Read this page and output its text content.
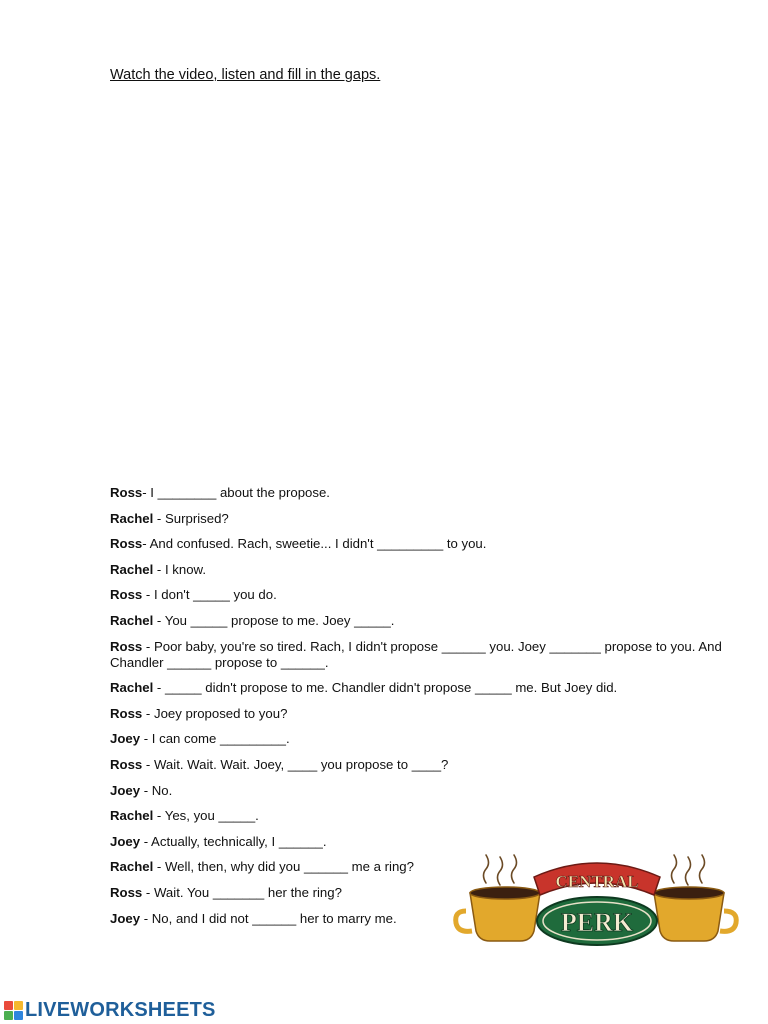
Watch the video, listen and fill in the gaps.
Ross- I ________ about the propose.
Rachel - Surprised?
Ross- And confused. Rach, sweetie... I didn't _________ to you.
Rachel - I know.
Ross - I don't _____ you do.
Rachel - You _____ propose to me. Joey _____.
Ross - Poor baby, you're so tired. Rach, I didn't propose ______ you. Joey _______ propose to you. And Chandler ______ propose to ______.
Rachel - _____ didn't propose to me. Chandler didn't propose _____ me. But Joey did.
Ross - Joey proposed to you?
Joey - I can come _________.
Ross - Wait. Wait. Wait. Joey, ____ you propose to ____?
Joey - No.
Rachel - Yes, you _____.
Joey - Actually, technically, I ______.
Rachel - Well, then, why did you ______ me a ring?
Ross - Wait. You _______ her the ring?
Joey - No, and I did not ______ her to marry me.
CENTRAL
PERK
LIVEWORKSHEETS
